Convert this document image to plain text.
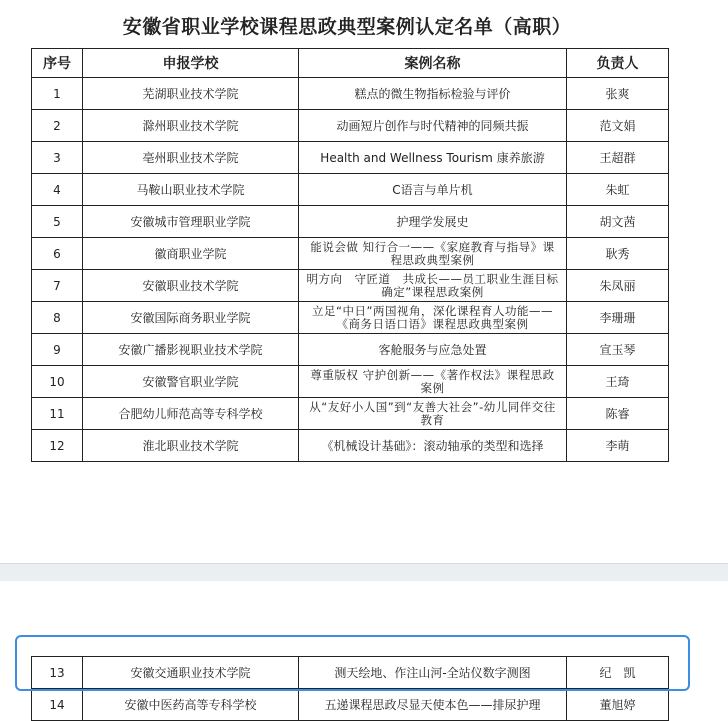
安徽省职业学校课程思政典型案例认定名单（高职）
序号	申报学校	案例名称	负责人
1	芜湖职业技术学院	糕点的微生物指标检验与评价	张爽
2	滁州职业技术学院	动画短片创作与时代精神的同频共振	范文娟
3	亳州职业技术学院	Health and Wellness Tourism 康养旅游	王超群
4	马鞍山职业技术学院	C语言与单片机	朱虹
5	安徽城市管理职业学院	护理学发展史	胡文茜
6	徽商职业学院	能说会做 知行合一——《家庭教育与指导》课程思政典型案例	耿秀
7	安徽职业技术学院	明方向　守匠道　共成长——员工职业生涯目标确定”课程思政案例	朱凤丽
8	安徽国际商务职业学院	立足“中日”两国视角，深化课程育人功能——《商务日语口语》课程思政典型案例	李珊珊
9	安徽广播影视职业技术学院	客舱服务与应急处置	宣玉琴
10	安徽警官职业学院	尊重版权 守护创新——《著作权法》课程思政案例	王琦
11	合肥幼儿师范高等专科学校	从“友好小人国”到“友善大社会”-幼儿同伴交往教育	陈睿
12	淮北职业技术学院	《机械设计基础》：滚动轴承的类型和选择	李萌
13	安徽交通职业技术学院	测天绘地、作注山河-全站仪数字测图	纪　凯
14	安徽中医药高等专科学校	五递课程思政尽显天使本色——排尿护理	董旭婷
